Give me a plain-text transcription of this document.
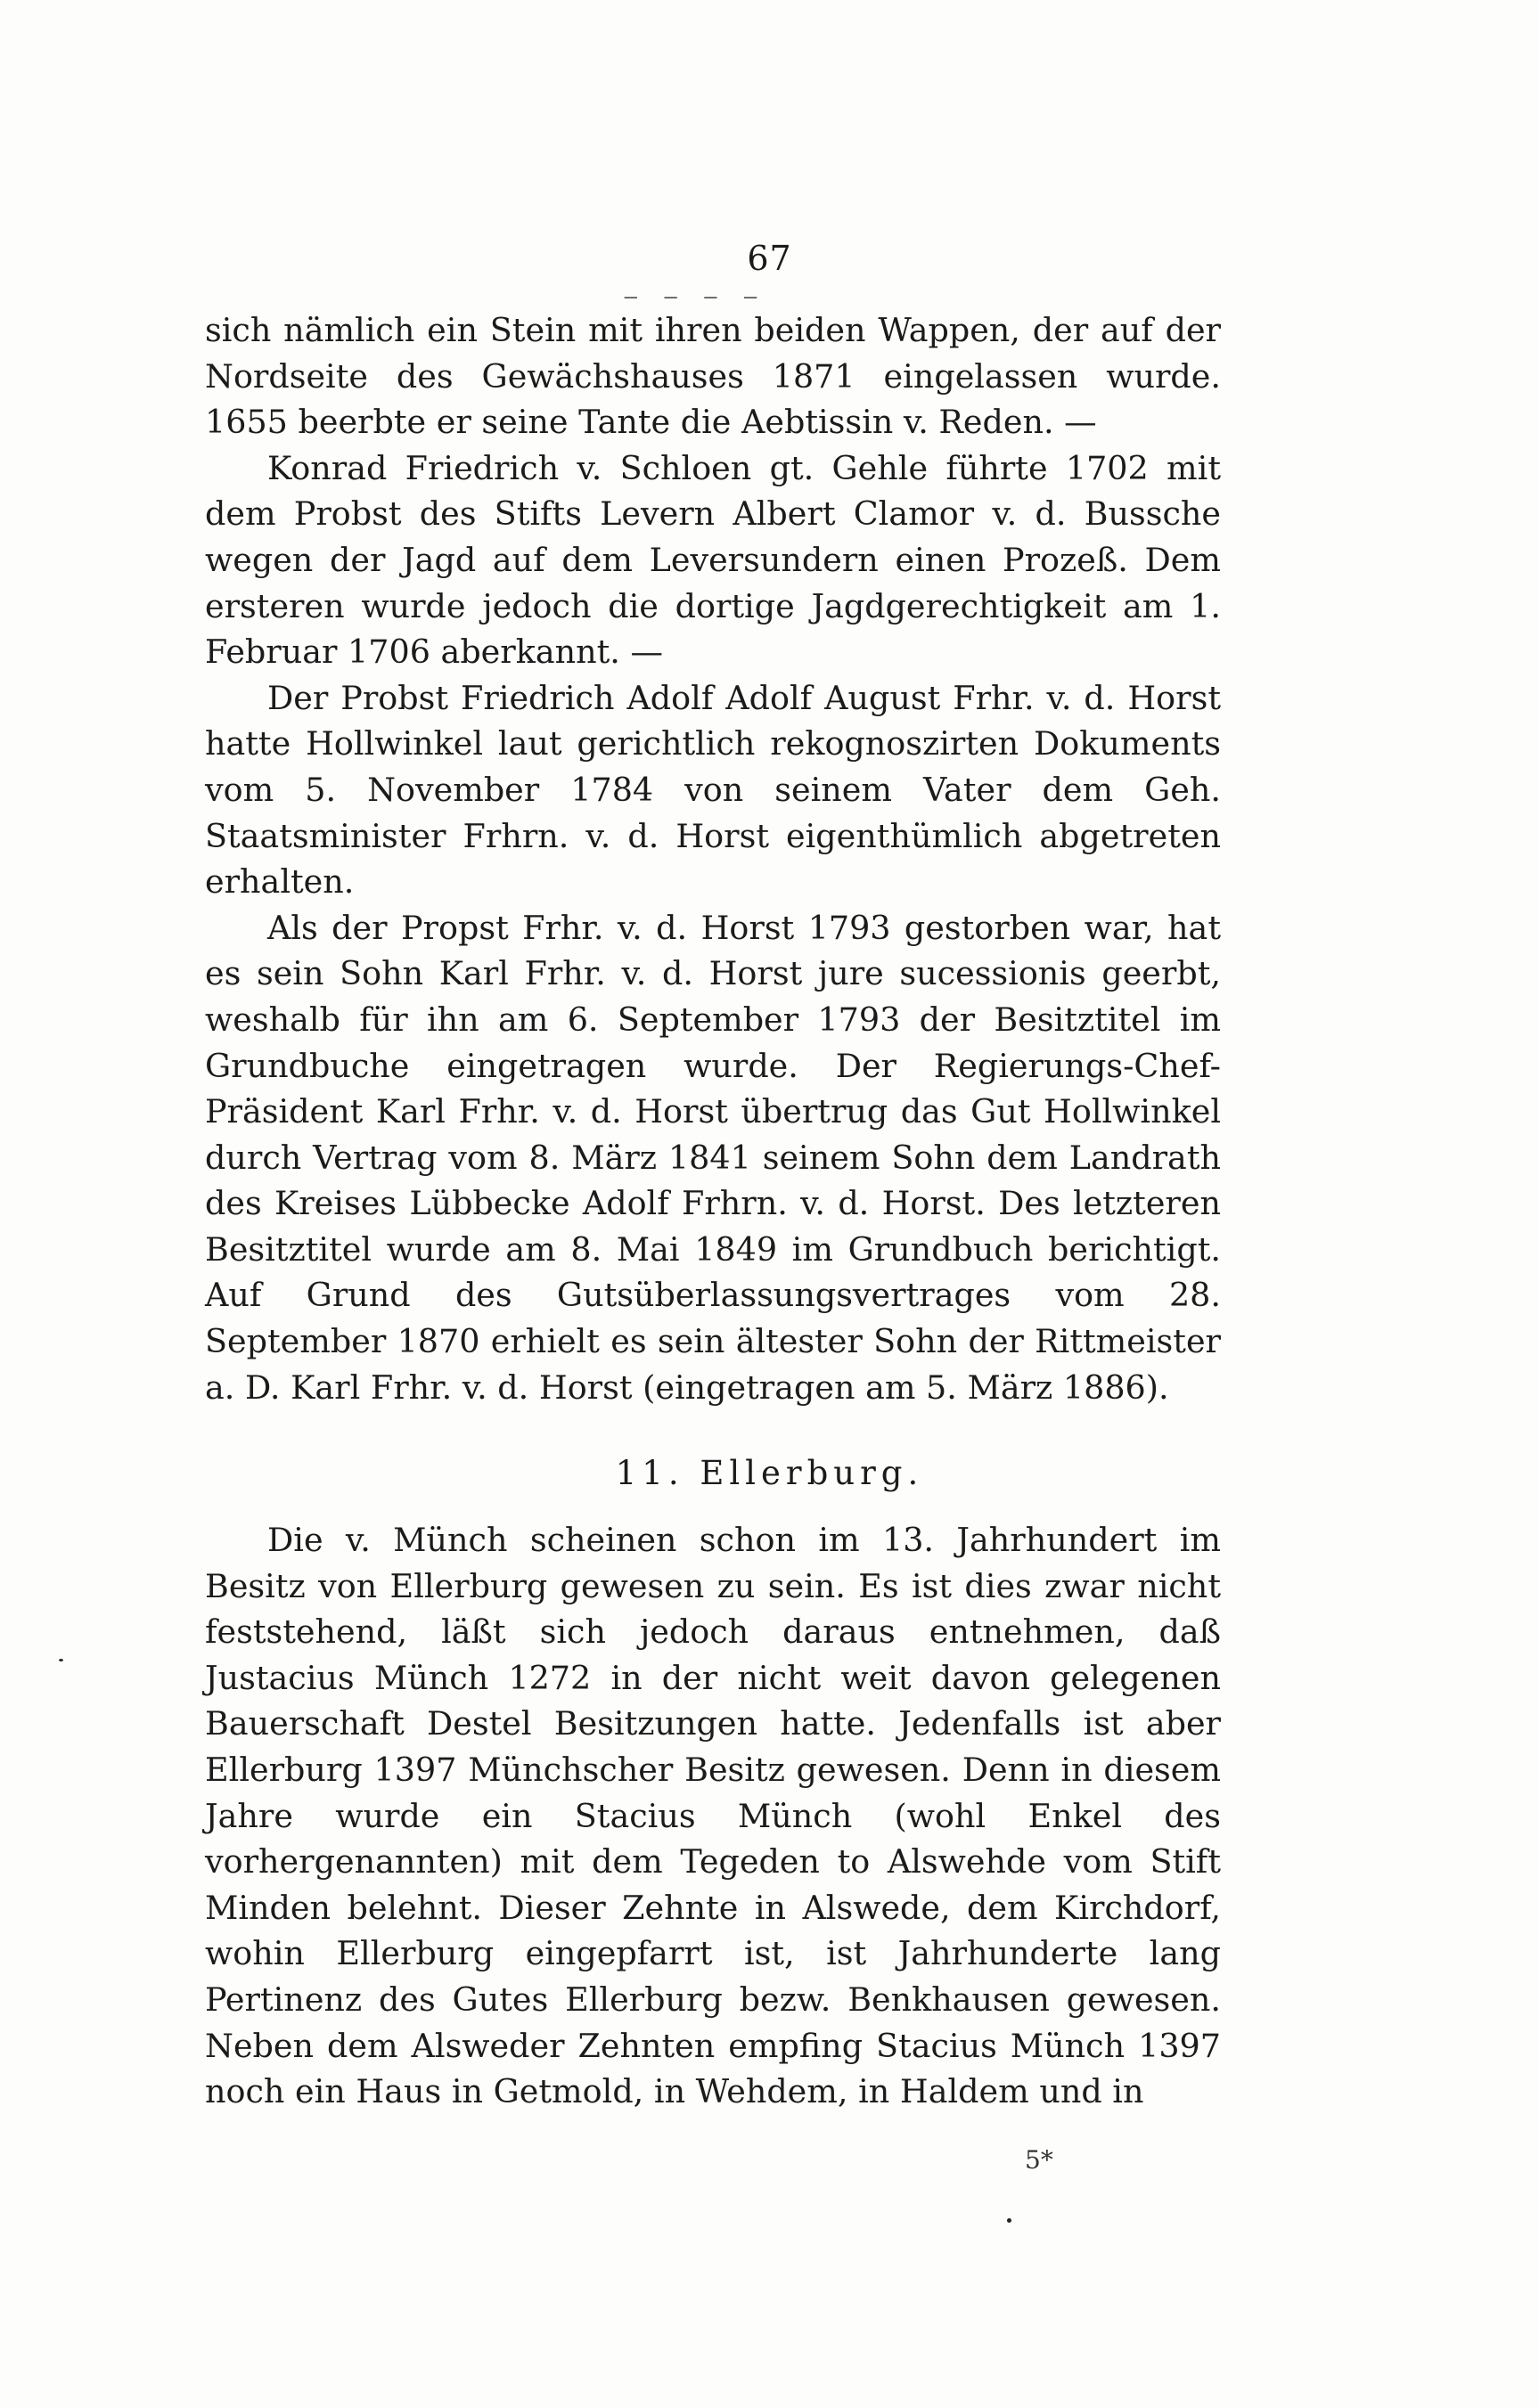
67
‒ ‒ ‒ ‒

sich nämlich ein Stein mit ihren beiden Wappen, der auf der Nordseite des Gewächshauses 1871 eingelassen wurde. 1655 beerbte er seine Tante die Aebtissin v. Reden. —

Konrad Friedrich v. Schloen gt. Gehle führte 1702 mit dem Probst des Stifts Levern Albert Clamor v. d. Bussche wegen der Jagd auf dem Leversundern einen Prozeß. Dem ersteren wurde jedoch die dortige Jagdgerechtigkeit am 1. Februar 1706 aberkannt. —

Der Probst Friedrich Adolf Adolf August Frhr. v. d. Horst hatte Hollwinkel laut gerichtlich rekognoszirten Dokuments vom 5. November 1784 von seinem Vater dem Geh. Staatsminister Frhrn. v. d. Horst eigenthümlich abgetreten erhalten.

Als der Propst Frhr. v. d. Horst 1793 gestorben war, hat es sein Sohn Karl Frhr. v. d. Horst jure sucessionis geerbt, weshalb für ihn am 6. September 1793 der Besitztitel im Grundbuche eingetragen wurde. Der Regierungs-Chef-Präsident Karl Frhr. v. d. Horst übertrug das Gut Hollwinkel durch Vertrag vom 8. März 1841 seinem Sohn dem Landrath des Kreises Lübbecke Adolf Frhrn. v. d. Horst. Des letzteren Besitztitel wurde am 8. Mai 1849 im Grundbuch berichtigt. Auf Grund des Gutsüberlassungsvertrages vom 28. September 1870 erhielt es sein ältester Sohn der Rittmeister a. D. Karl Frhr. v. d. Horst (eingetragen am 5. März 1886).

11. Ellerburg.

Die v. Münch scheinen schon im 13. Jahrhundert im Besitz von Ellerburg gewesen zu sein. Es ist dies zwar nicht feststehend, läßt sich jedoch daraus entnehmen, daß Justacius Münch 1272 in der nicht weit davon gelegenen Bauerschaft Destel Besitzungen hatte. Jedenfalls ist aber Ellerburg 1397 Münchscher Besitz gewesen. Denn in diesem Jahre wurde ein Stacius Münch (wohl Enkel des vorhergenannten) mit dem Tegeden to Alswehde vom Stift Minden belehnt. Dieser Zehnte in Alswede, dem Kirchdorf, wohin Ellerburg eingepfarrt ist, ist Jahrhunderte lang Pertinenz des Gutes Ellerburg bezw. Benkhausen gewesen. Neben dem Alsweder Zehnten empfing Stacius Münch 1397 noch ein Haus in Getmold, in Wehdem, in Haldem und in

5*
